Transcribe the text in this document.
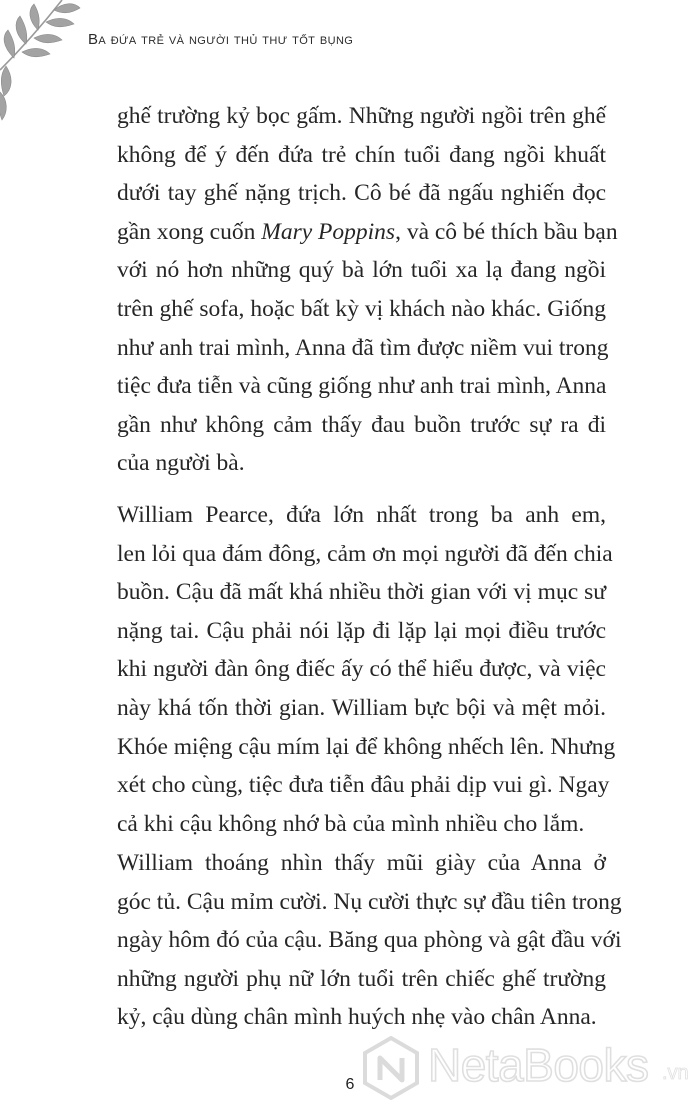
Ba đứa trẻ và người thủ thư tốt bụng
ghế trường kỷ bọc gấm. Những người ngồi trên ghế
không để ý đến đứa trẻ chín tuổi đang ngồi khuất
dưới tay ghế nặng trịch. Cô bé đã ngấu nghiến đọc
gần xong cuốn Mary Poppins, và cô bé thích bầu bạn
với nó hơn những quý bà lớn tuổi xa lạ đang ngồi
trên ghế sofa, hoặc bất kỳ vị khách nào khác. Giống
như anh trai mình, Anna đã tìm được niềm vui trong
tiệc đưa tiễn và cũng giống như anh trai mình, Anna
gần như không cảm thấy đau buồn trước sự ra đi
của người bà.
William Pearce, đứa lớn nhất trong ba anh em,
len lỏi qua đám đông, cảm ơn mọi người đã đến chia
buồn. Cậu đã mất khá nhiều thời gian với vị mục sư
nặng tai. Cậu phải nói lặp đi lặp lại mọi điều trước
khi người đàn ông điếc ấy có thể hiểu được, và việc
này khá tốn thời gian. William bực bội và mệt mỏi.
Khóe miệng cậu mím lại để không nhếch lên. Nhưng
xét cho cùng, tiệc đưa tiễn đâu phải dịp vui gì. Ngay
cả khi cậu không nhớ bà của mình nhiều cho lắm.
William thoáng nhìn thấy mũi giày của Anna ở
góc tủ. Cậu mỉm cười. Nụ cười thực sự đầu tiên trong
ngày hôm đó của cậu. Băng qua phòng và gật đầu với
những người phụ nữ lớn tuổi trên chiếc ghế trường
kỷ, cậu dùng chân mình huých nhẹ vào chân Anna.
6	NetaBooks .vn
